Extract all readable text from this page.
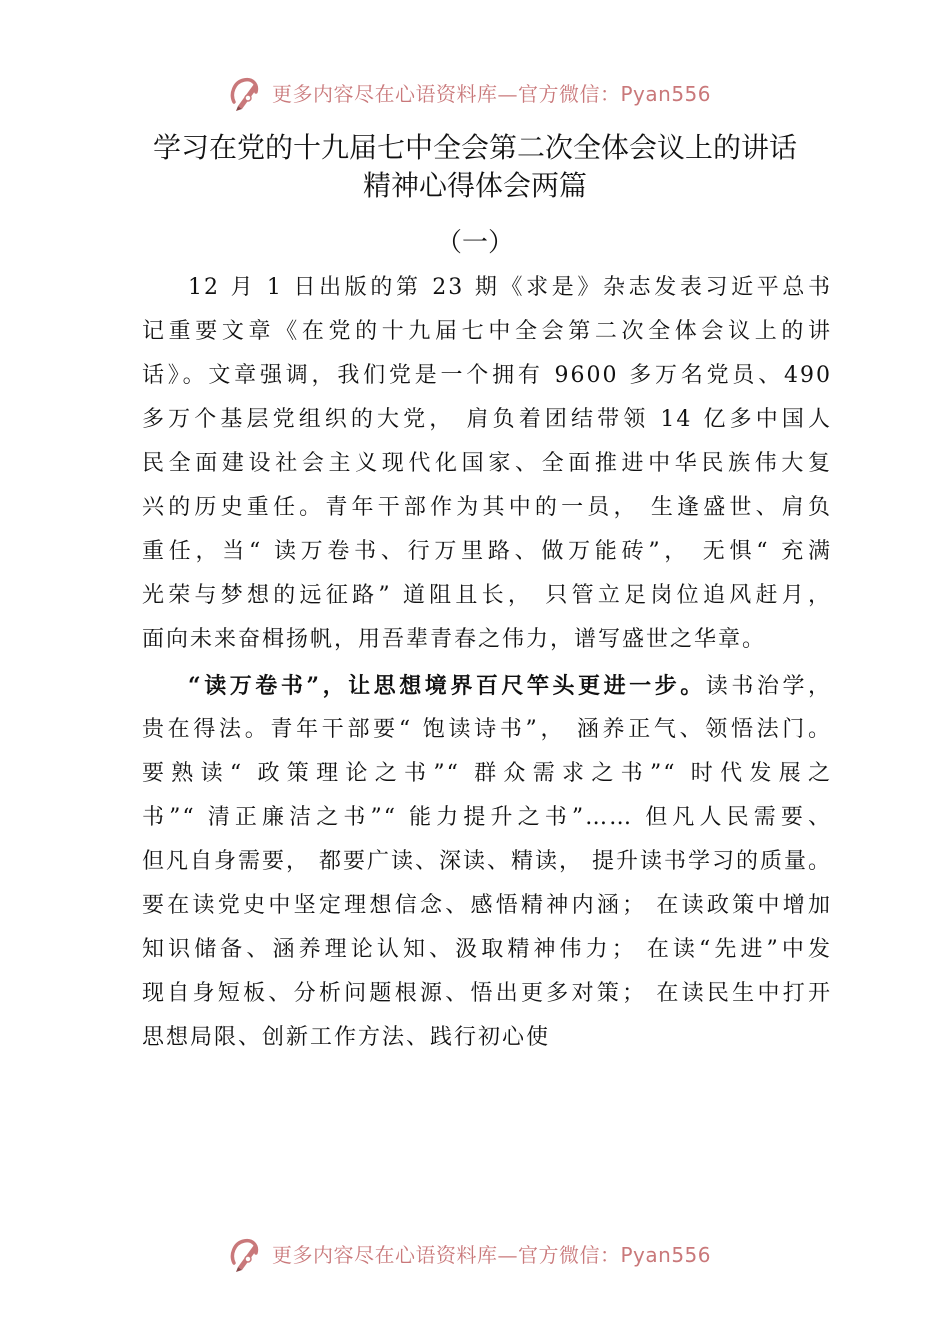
更多内容尽在心语资料库—官方微信：Pyan556
学习在党的十九届七中全会第二次全体会议上的讲话
精神心得体会两篇
（一）
12 月 1 日出版的第 23 期《求是》杂志发表习近平总书
记重要文章《在党的十九届七中全会第二次全体会议上的讲
话》。文章强调，我们党是一个拥有 9600 多万名党员、490
多万个基层党组织的大党， 肩负着团结带领 14 亿多中国人
民全面建设社会主义现代化国家、全面推进中华民族伟大复
兴的历史重任。青年干部作为其中的一员， 生逢盛世、肩负
重任，当“ 读万卷书、行万里路、做万能砖”， 无惧“ 充满
光荣与梦想的远征路” 道阻且长， 只管立足岗位追风赶月，
面向未来奋楫扬帆，用吾辈青春之伟力，谱写盛世之华章。
“读万卷书”，让思想境界百尺竿头更进一步。读书治学，
贵在得法。青年干部要“ 饱读诗书”， 涵养正气、领悟法门。
要熟读“ 政策理论之书”“ 群众需求之书”“ 时代发展之
书”“ 清正廉洁之书”“ 能力提升之书”…… 但凡人民需要、
但凡自身需要， 都要广读、深读、精读， 提升读书学习的质量。
要在读党史中坚定理想信念、感悟精神内涵； 在读政策中增加
知识储备、涵养理论认知、汲取精神伟力； 在读“先进”中发
现自身短板、分析问题根源、悟出更多对策； 在读民生中打开
思想局限、创新工作方法、践行初心使
更多内容尽在心语资料库—官方微信：Pyan556
